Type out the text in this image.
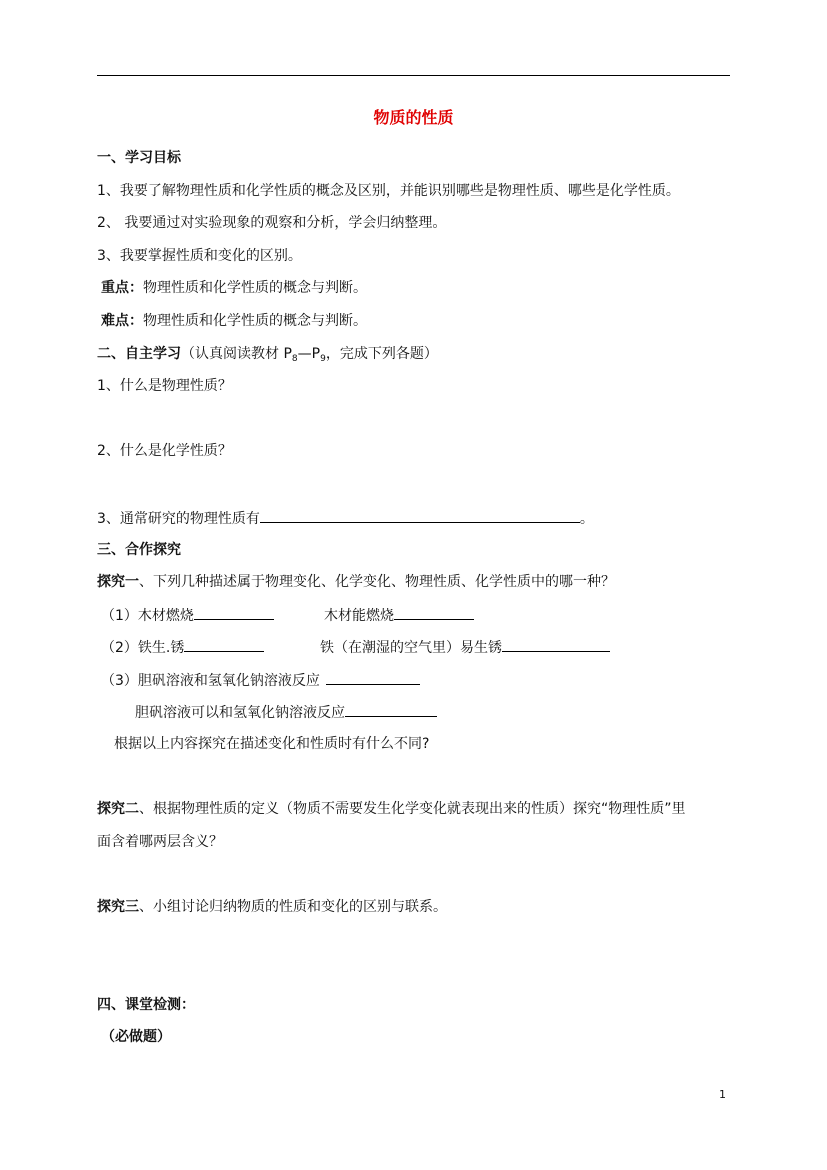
物质的性质
一、学习目标
1、我要了解物理性质和化学性质的概念及区别，并能识别哪些是物理性质、哪些是化学性质。
2、 我要通过对实验现象的观察和分析，学会归纳整理。
3、我要掌握性质和变化的区别。
重点：物理性质和化学性质的概念与判断。
难点：物理性质和化学性质的概念与判断。
二、自主学习（认真阅读教材 $P_8—P_9$，完成下列各题）
1、什么是物理性质？
2、什么是化学性质？
3、通常研究的物理性质有	。
三、合作探究
探究一、下列几种描述属于物理变化、化学变化、物理性质、化学性质中的哪一种？
（1）木材燃烧	木材能燃烧
（2）铁生.锈	铁（在潮湿的空气里）易生锈
（3）胆矾溶液和氢氧化钠溶液反应
胆矾溶液可以和氢氧化钠溶液反应
根据以上内容探究在描述变化和性质时有什么不同?
探究二、根据物理性质的定义（物质不需要发生化学变化就表现出来的性质）探究“物理性质”里
面含着哪两层含义？
探究三、小组讨论归纳物质的性质和变化的区别与联系。
四、课堂检测：
（必做题）
1
